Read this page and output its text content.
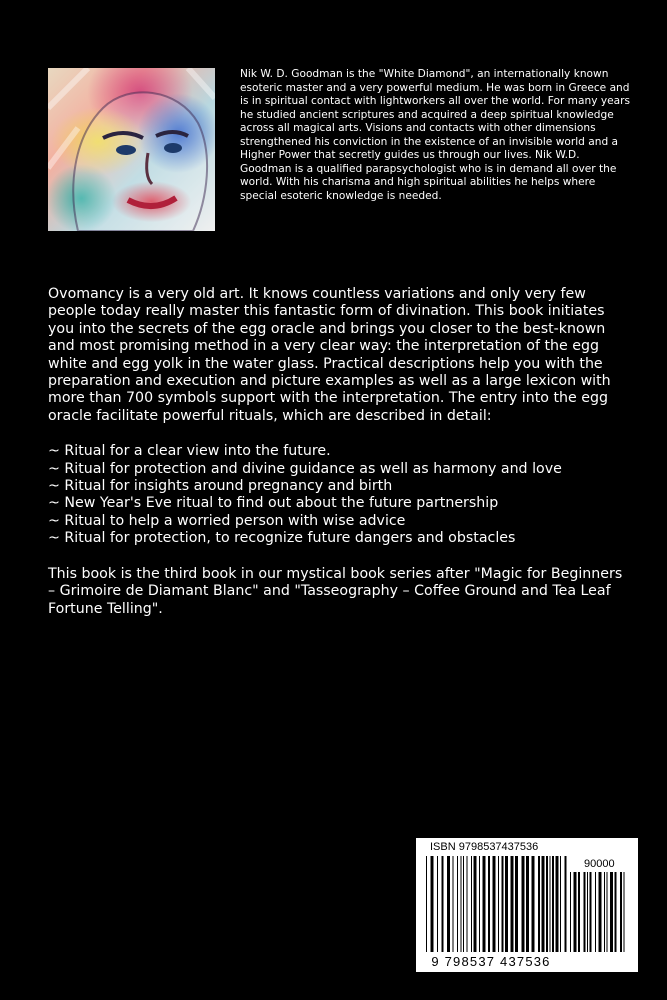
Nik W. D. Goodman is the "White Diamond", an internationally known esoteric master and a very powerful medium. He was born in Greece and is in spiritual contact with lightworkers all over the world. For many years he studied ancient scriptures and acquired a deep spiritual knowledge across all magical arts. Visions and contacts with other dimensions strengthened his conviction in the existence of an invisible world and a Higher Power that secretly guides us through our lives. Nik W.D. Goodman is a qualified parapsychologist who is in demand all over the world. With his charisma and high spiritual abilities he helps where special esoteric knowledge is needed.

Ovomancy is a very old art. It knows countless variations and only very few people today really master this fantastic form of divination. This book initiates you into the secrets of the egg oracle and brings you closer to the best-known and most promising method in a very clear way: the interpretation of the egg white and egg yolk in the water glass. Practical descriptions help you with the preparation and execution and picture examples as well as a large lexicon with more than 700 symbols support with the interpretation. The entry into the egg oracle facilitate powerful rituals, which are described in detail:

~ Ritual for a clear view into the future.
~ Ritual for protection and divine guidance as well as harmony and love
~ Ritual for insights around pregnancy and birth
~ New Year's Eve ritual to find out about the future partnership
~ Ritual to help a worried person with wise advice
~ Ritual for protection, to recognize future dangers and obstacles

This book is the third book in our mystical book series after "Magic for Beginners – Grimoire de Diamant Blanc" and "Tasseography – Coffee Ground and Tea Leaf Fortune Telling".

ISBN 9798537437536
90000
9 798537 437536
